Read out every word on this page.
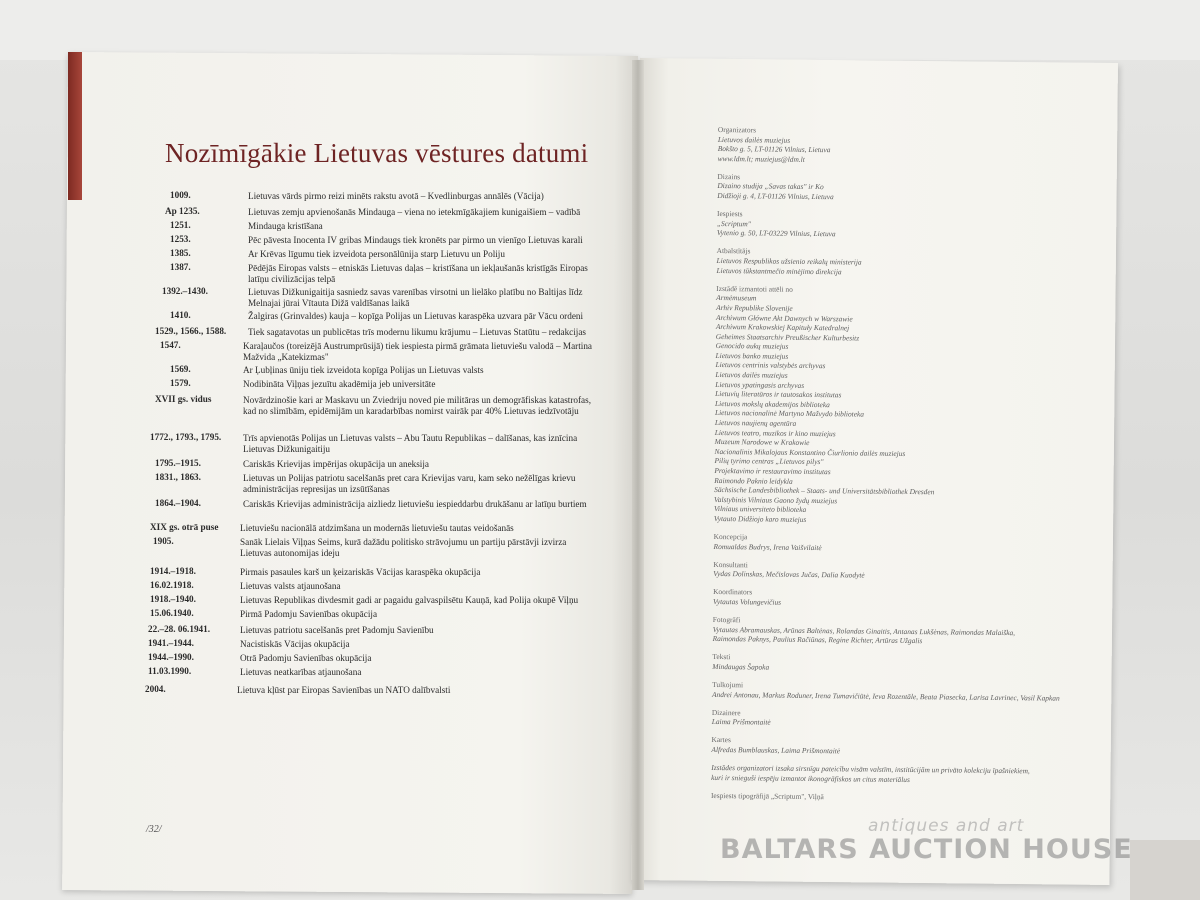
Nozīmīgākie Lietuvas vēstures datumi
1009.	Lietuvas vārds pirmo reizi minēts rakstu avotā – Kvedlinburgas annālēs (Vācija)
Ap 1235.	Lietuvas zemju apvienošanās Mindauga – viena no ietekmīgākajiem kunigaišiem – vadībā
1251.	Mindauga kristīšana
1253.	Pēc pāvesta Inocenta IV gribas Mindaugs tiek kronēts par pirmo un vienīgo Lietuvas karali
1385.	Ar Krēvas līgumu tiek izveidota personālūnija starp Lietuvu un Poliju
1387.	Pēdējās Eiropas valsts – etniskās Lietuvas daļas – kristīšana un iekļaušanās kristīgās Eiropas latīņu civilizācijas telpā
1392.–1430.	Lietuvas Dižkunigaitija sasniedz savas varenības virsotni un lielāko platību no Baltijas līdz Melnajai jūrai Vītauta Dižā valdīšanas laikā
1410.	Žalgiras (Grinvaldes) kauja – kopīga Polijas un Lietuvas karaspēka uzvara pār Vācu ordeni
1529., 1566., 1588.	Tiek sagatavotas un publicētas trīs modernu likumu krājumu – Lietuvas Statūtu – redakcijas
1547.	Karaļaučos (toreizējā Austrumprūsijā) tiek iespiesta pirmā grāmata lietuviešu valodā – Martina Mažvida „Katekizmas"
1569.	Ar Ļubļinas ūniju tiek izveidota kopīga Polijas un Lietuvas valsts
1579.	Nodibināta Viļņas jezuītu akadēmija jeb universitāte
XVII gs. vidus	Novārdzinošie kari ar Maskavu un Zviedriju noved pie militāras un demogrāfiskas katastrofas, kad no slimībām, epidēmijām un karadarbības nomirst vairāk par 40% Lietuvas iedzīvotāju
1772., 1793., 1795.	Trīs apvienotās Polijas un Lietuvas valsts – Abu Tautu Republikas – dalīšanas, kas iznīcina Lietuvas Dižkunigaitiju
1795.–1915.	Cariskās Krievijas impērijas okupācija un aneksija
1831., 1863.	Lietuvas un Polijas patriotu sacelšanās pret cara Krievijas varu, kam seko nežēlīgas krievu administrācijas represijas un izsūtīšanas
1864.–1904.	Cariskās Krievijas administrācija aizliedz lietuviešu iespieddarbu drukāšanu ar latīņu burtiem
XIX gs. otrā puse	Lietuviešu nacionālā atdzimšana un modernās lietuviešu tautas veidošanās
1905.	Sanāk Lielais Viļņas Seims, kurā dažādu politisko strāvojumu un partiju pārstāvji izvirza Lietuvas autonomijas ideju
1914.–1918.	Pirmais pasaules karš un ķeizariskās Vācijas karaspēka okupācija
16.02.1918.	Lietuvas valsts atjaunošana
1918.–1940.	Lietuvas Republikas divdesmit gadi ar pagaidu galvaspilsētu Kauņā, kad Polija okupē Viļņu
15.06.1940.	Pirmā Padomju Savienības okupācija
22.–28. 06.1941.	Lietuvas patriotu sacelšanās pret Padomju Savienību
1941.–1944.	Nacistiskās Vācijas okupācija
1944.–1990.	Otrā Padomju Savienības okupācija
11.03.1990.	Lietuvas neatkarības atjaunošana
2004.	Lietuva kļūst par Eiropas Savienības un NATO dalībvalsti
/32/
Organizators
Lietuvos dailės muziejus
Bokšto g. 5, LT-01126 Vilnius, Lietuva
www.ldm.lt; muziejus@ldm.lt
Dizains
Dizaino studija „Savas takas" ir Ko
Didžioji g. 4, LT-01126 Vilnius, Lietuva
Iespiests
„Scriptum"
Vytenio g. 50, LT-03229 Vilnius, Lietuva
Atbalstītājs
Lietuvos Respublikos užsienio reikalų ministerija
Lietuvos tūkstantmečio minėjimo direkcija
Izstādē izmantoti attēli no
Armėmuseum
Arhiv Republike Slovenije
Archiwum Główne Akt Dawnych w Warszawie
Archiwum Krakowskiej Kapituły Katedralnej
Geheimes Staatsarchiv Preußischer Kulturbesitz
Genocido aukų muziejus
Lietuvos banko muziejus
Lietuvos centrinis valstybės archyvas
Lietuvos dailės muziejus
Lietuvos ypatingasis archyvas
Lietuvių literatūros ir tautosakos institutas
Lietuvos mokslų akademijos biblioteka
Lietuvos nacionalinė Martyno Mažvydo biblioteka
Lietuvos naujienų agentūra
Lietuvos teatro, muzikos ir kino muziejus
Muzeum Narodowe w Krakowie
Nacionalinis Mikalojaus Konstantino Čiurlionio dailės muziejus
Pilių tyrimo centras „Lietuvos pilys"
Projektavimo ir restauravimo institutas
Raimondo Paknio leidykla
Sächsische Landesbibliothek – Staats- und Universitätsbibliothek Dresden
Valstybinis Vilniaus Gaono žydų muziejus
Vilniaus universiteto biblioteka
Vytauto Didžiojo karo muziejus
Koncepcija
Romualdas Budrys, Irena Vaišvilaitė
Konsultanti
Vydas Dolinskas, Mečislovas Jučas, Dalia Kuodytė
Koordinators
Vytautas Volungevičius
Fotogrāfi
Vytautas Abramauskas, Arūnas Baltėnas, Rolandas Ginaitis, Antanas Lukšėnas, Raimondas Malaiška,
Raimondas Paknys, Paulius Račiūnas, Regine Richter, Artūras Užgalis
Teksti
Mindaugas Šapoka
Tulkojumi
Andrei Antonau, Markus Roduner, Irena Tumavičiūtė, Ieva Rozentāle, Beata Piasecka, Larisa Lavrinec, Vasil Kapkan
Dizainere
Laima Prišmontaitė
Kartes
Alfredas Bumblauskas, Laima Prišmontaitė
Izstādes organizatori izsaka sirsnīgu pateicību visām valstīm, institūcijām un privāto kolekciju īpašniekiem,
kuri ir snieguši iespēju izmantot ikonogrāfiskos un citus materiālus
Iespiests tipogrāfijā „Scriptum", Viļņā
antiques and art
BALTARS AUCTION HOUSE
